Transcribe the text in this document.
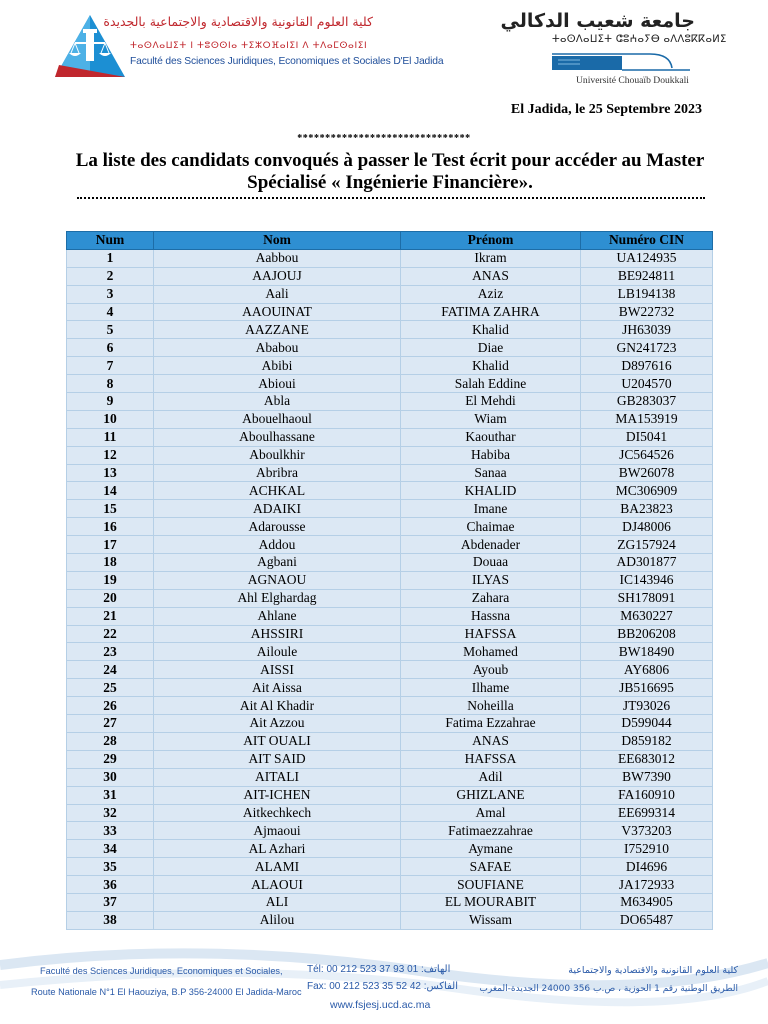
كلية العلوم القانونية والاقتصادية والاجتماعية بالجديدة
ⵜⴰⵙⴷⴰⵡⵉⵜ ⵏ ⵜⵓⵙⵙⵏⴰ ⵜⵉⵣⵔⴼⴰⵏⵉⵏ ⴷ ⵜⴷⴰⵎⵙⴰⵏⵉⵏ
Faculté des Sciences Juridiques, Economiques et Sociales D'El Jadida
جامعة شعيب الدكالي
ⵜⴰⵙⴷⴰⵡⵉⵜ ⵛⵓⵄⴰⵢⴱ ⴰⴷⴷⵓⴽⴽⴰⵍⵉ
Université Chouaïb Doukkali
El Jadida, le 25 Septembre 2023
*******************************
La liste des candidats convoqués à passer le Test écrit pour accéder au Master Spécialisé « Ingénierie Financière».
Num	Nom	Prénom	Numéro CIN
1	Aabbou	Ikram	UA124935
2	AAJOUJ	ANAS	BE924811
3	Aali	Aziz	LB194138
4	AAOUINAT	FATIMA ZAHRA	BW22732
5	AAZZANE	Khalid	JH63039
6	Ababou	Diae	GN241723
7	Abibi	Khalid	D897616
8	Abioui	Salah Eddine	U204570
9	Abla	El Mehdi	GB283037
10	Abouelhaoul	Wiam	MA153919
11	Aboulhassane	Kaouthar	DI5041
12	Aboulkhir	Habiba	JC564526
13	Abribra	Sanaa	BW26078
14	ACHKAL	KHALID	MC306909
15	ADAIKI	Imane	BA23823
16	Adarousse	Chaimae	DJ48006
17	Addou	Abdenader	ZG157924
18	Agbani	Douaa	AD301877
19	AGNAOU	ILYAS	IC143946
20	Ahl Elghardag	Zahara	SH178091
21	Ahlane	Hassna	M630227
22	AHSSIRI	HAFSSA	BB206208
23	Ailoule	Mohamed	BW18490
24	AISSI	Ayoub	AY6806
25	Ait Aissa	Ilhame	JB516695
26	Ait Al Khadir	Noheilla	JT93026
27	Ait Azzou	Fatima Ezzahrae	D599044
28	AIT OUALI	ANAS	D859182
29	AIT SAID	HAFSSA	EE683012
30	AITALI	Adil	BW7390
31	AIT-ICHEN	GHIZLANE	FA160910
32	Aitkechkech	Amal	EE699314
33	Ajmaoui	Fatimaezzahrae	V373203
34	AL Azhari	Aymane	I752910
35	ALAMI	SAFAE	DI4696
36	ALAOUI	SOUFIANE	JA172933
37	ALI	EL MOURABIT	M634905
38	Alilou	Wissam	DO65487
Faculté des Sciences Juridiques, Economiques et Sociales,
Route Nationale N°1 El Haouziya, B.P 356-24000 El Jadida-Maroc
Tél: 00 212 523 37 93 01 :الهاتف
Fax: 00 212 523 35 52 42 :الفاكس
www.fsjesj.ucd.ac.ma
كلية العلوم القانونية والاقتصادية والاجتماعية
الطريق الوطنية رقم 1 الحوزية ، ص.ب 356 24000 الجديدة-المغرب
